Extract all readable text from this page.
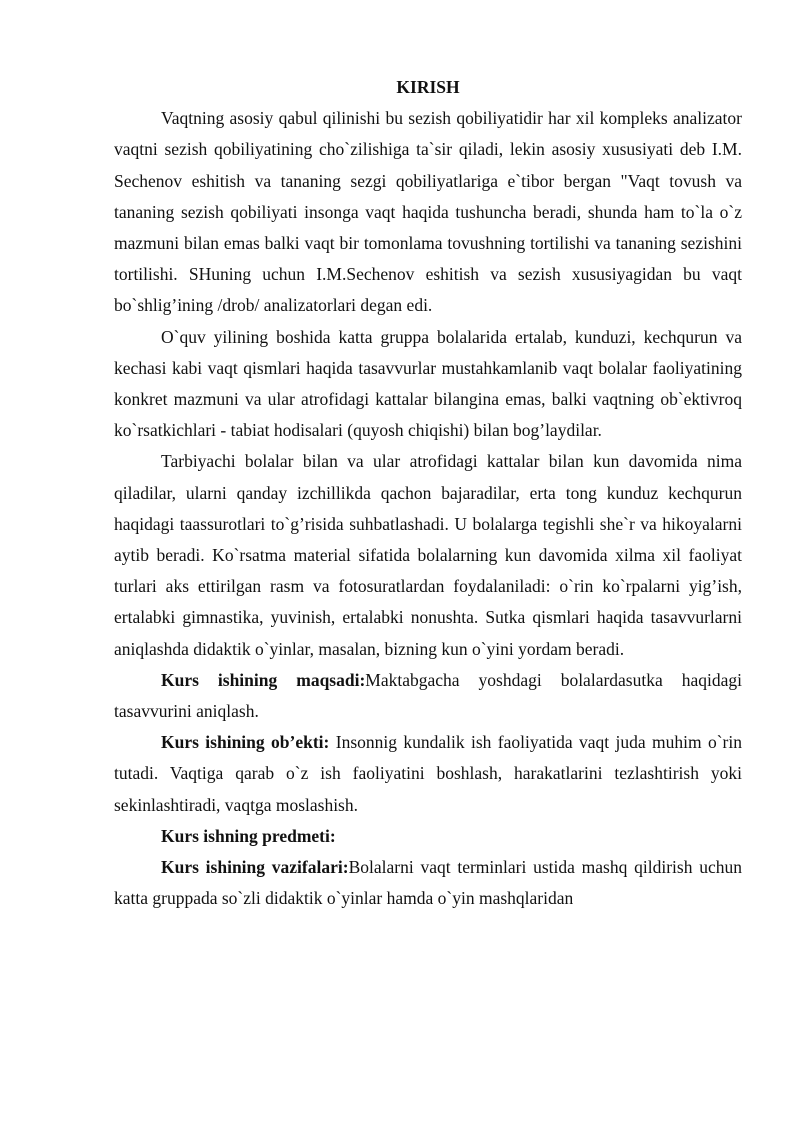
KIRISH

Vaqtning asosiy qabul qilinishi bu sezish qobiliyatidir har xil kompleks analizator vaqtni sezish qobiliyatining cho`zilishiga ta`sir qiladi, lekin asosiy xususiyati deb I.M. Sechenov eshitish va tananing sezgi qobiliyatlariga e`tibor bergan "Vaqt tovush va tananing sezish qobiliyati insonga vaqt haqida tushuncha beradi, shunda ham to`la o`z mazmuni bilan emas balki vaqt bir tomonlama tovushning tortilishi va tananing sezishini tortilishi. SHuning uchun I.M.Sechenov eshitish va sezish xususiyagidan bu vaqt bo`shlig’ining /drob/ analizatorlari degan edi.

O`quv yilining boshida katta gruppa bolalarida ertalab, kunduzi, kechqurun va kechasi kabi vaqt qismlari haqida tasavvurlar mustahkamlanib vaqt bolalar faoliyatining konkret mazmuni va ular atrofidagi kattalar bilangina emas, balki vaqtning ob`ektivroq ko`rsatkichlari - tabiat hodisalari (quyosh chiqishi) bilan bog’laydilar.

Tarbiyachi bolalar bilan va ular atrofidagi kattalar bilan kun davomida nima qiladilar, ularni qanday izchillikda qachon bajaradilar, erta tong kunduz kechqurun haqidagi taassurotlari to`g’risida suhbatlashadi. U bolalarga tegishli she`r va hikoyalarni aytib beradi. Ko`rsatma material sifatida bolalarning kun davomida xilma xil faoliyat turlari aks ettirilgan rasm va fotosuratlardan foydalaniladi: o`rin ko`rpalarni yig’ish, ertalabki gimnastika, yuvinish, ertalabki nonushta. Sutka qismlari haqida tasavvurlarni aniqlashda didaktik o`yinlar, masalan, bizning kun o`yini yordam beradi.

Kurs ishining maqsadi:Maktabgacha yoshdagi bolalardasutka haqidagi tasavvurini aniqlash.

Kurs ishining ob’ekti: Insonnig kundalik ish faoliyatida vaqt juda muhim o`rin tutadi. Vaqtiga qarab o`z ish faoliyatini boshlash, harakatlarini tezlashtirish yoki sekinlashtiradi, vaqtga moslashish.

Kurs ishning predmeti:

Kurs ishining vazifalari:Bolalarni vaqt terminlari ustida mashq qildirish uchun katta gruppada so`zli didaktik o`yinlar hamda o`yin mashqlaridan
